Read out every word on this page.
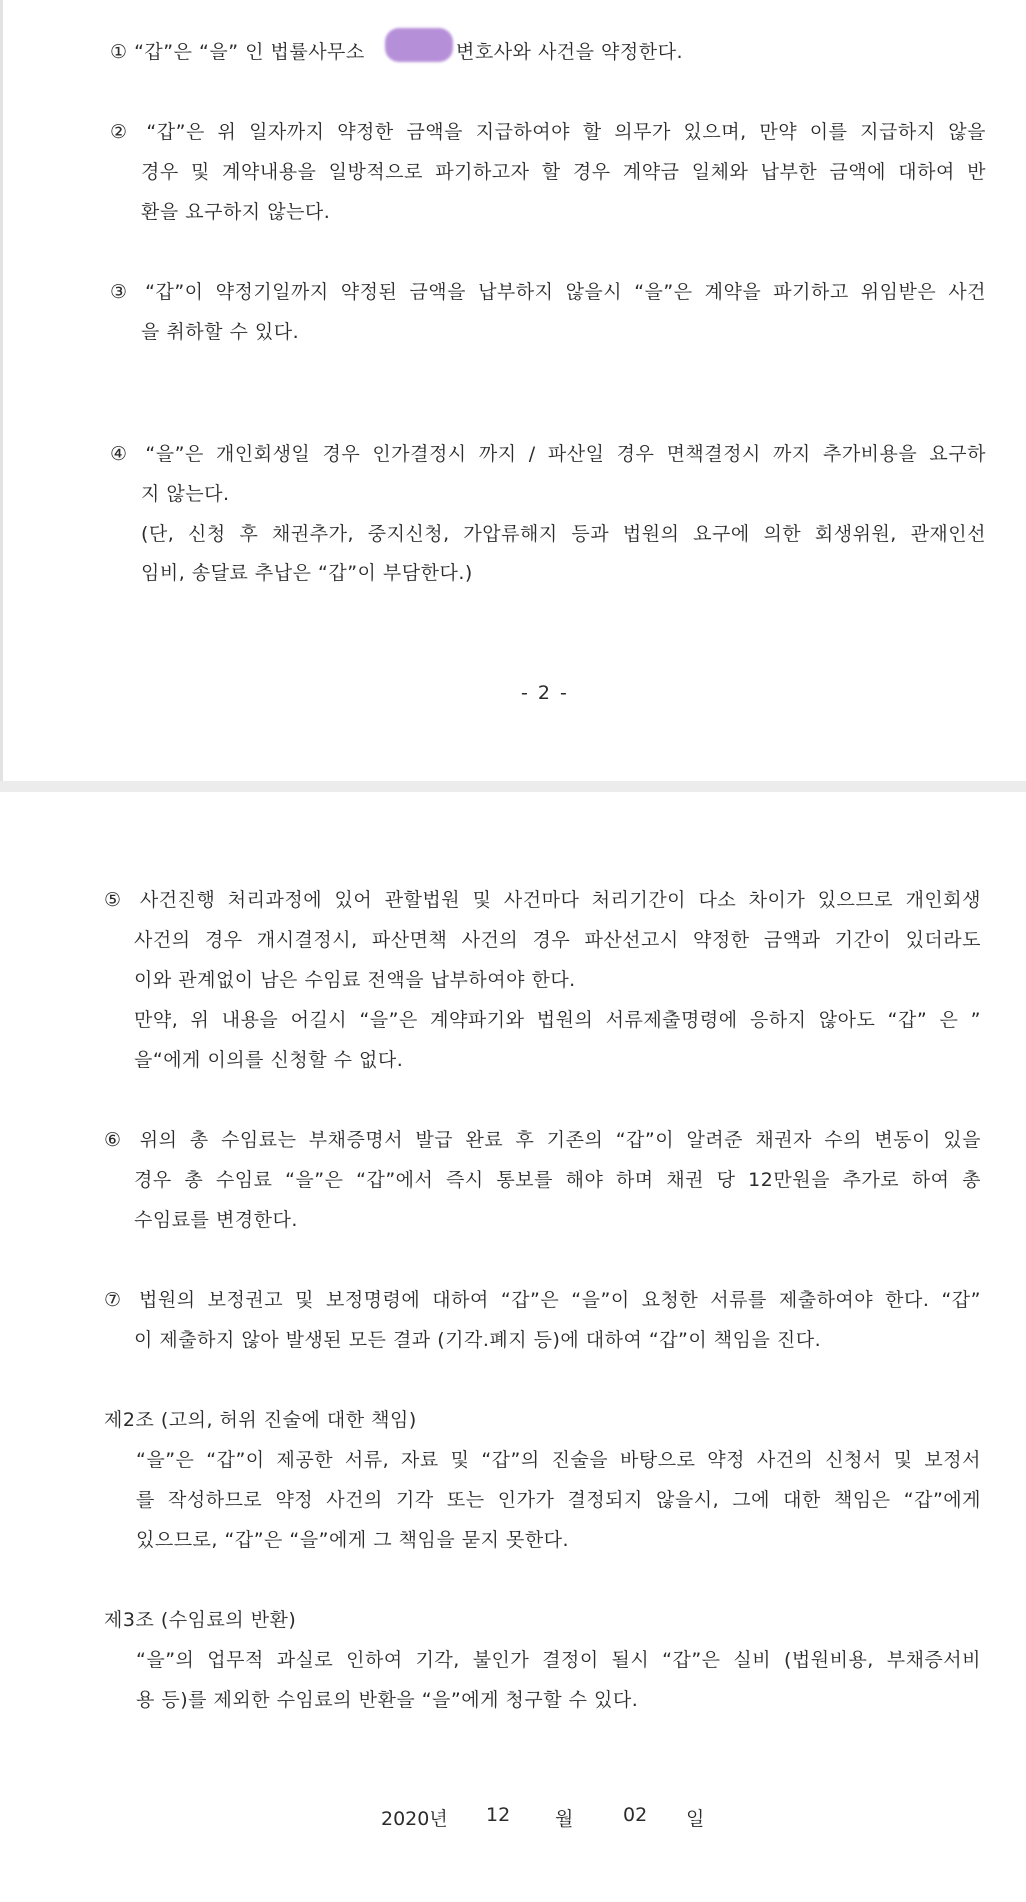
① “갑”은 “을” 인 법률사무소	변호사와 사건을 약정한다.
② “갑”은 위 일자까지 약정한 금액을 지급하여야 할 의무가 있으며, 만약 이를 지급하지 않을
경우 및 계약내용을 일방적으로 파기하고자 할 경우 계약금 일체와 납부한 금액에 대하여 반
환을 요구하지 않는다.
③ “갑”이 약정기일까지 약정된 금액을 납부하지 않을시 “을”은 계약을 파기하고 위임받은 사건
을 취하할 수 있다.
④ “을”은 개인회생일 경우 인가결정시 까지 / 파산일 경우 면책결정시 까지 추가비용을 요구하
지 않는다.
(단, 신청 후 채권추가, 중지신청, 가압류해지 등과 법원의 요구에 의한 회생위원, 관재인선
임비, 송달료 추납은 “갑”이 부담한다.)
- 2 -
⑤ 사건진행 처리과정에 있어 관할법원 및 사건마다 처리기간이 다소 차이가 있으므로 개인회생
사건의 경우 개시결정시, 파산면책 사건의 경우 파산선고시 약정한 금액과 기간이 있더라도
이와 관계없이 남은 수임료 전액을 납부하여야 한다.
만약, 위 내용을 어길시 “을”은 계약파기와 법원의 서류제출명령에 응하지 않아도 “갑” 은 ”
을“에게 이의를 신청할 수 없다.
⑥ 위의 총 수임료는 부채증명서 발급 완료 후 기존의 “갑”이 알려준 채권자 수의 변동이 있을
경우 총 수임료 “을”은 “갑”에서 즉시 통보를 해야 하며 채권 당 12만원을 추가로 하여 총
수임료를 변경한다.
⑦ 법원의 보정권고 및 보정명령에 대하여 “갑”은 “을”이 요청한 서류를 제출하여야 한다. “갑”
이 제출하지 않아 발생된 모든 결과 (기각.폐지 등)에 대하여 “갑”이 책임을 진다.
제2조 (고의, 허위 진술에 대한 책임)
“을”은 “갑”이 제공한 서류, 자료 및 “갑”의 진술을 바탕으로 약정 사건의 신청서 및 보정서
를 작성하므로 약정 사건의 기각 또는 인가가 결정되지 않을시, 그에 대한 책임은 “갑”에게
있으므로, “갑”은 “을”에게 그 책임을 묻지 못한다.
제3조 (수임료의 반환)
“을”의 업무적 과실로 인하여 기각, 불인가 결정이 될시 “갑”은 실비 (법원비용, 부채증서비
용 등)를 제외한 수임료의 반환을 “을”에게 청구할 수 있다.
2020년 12 월	02 일
